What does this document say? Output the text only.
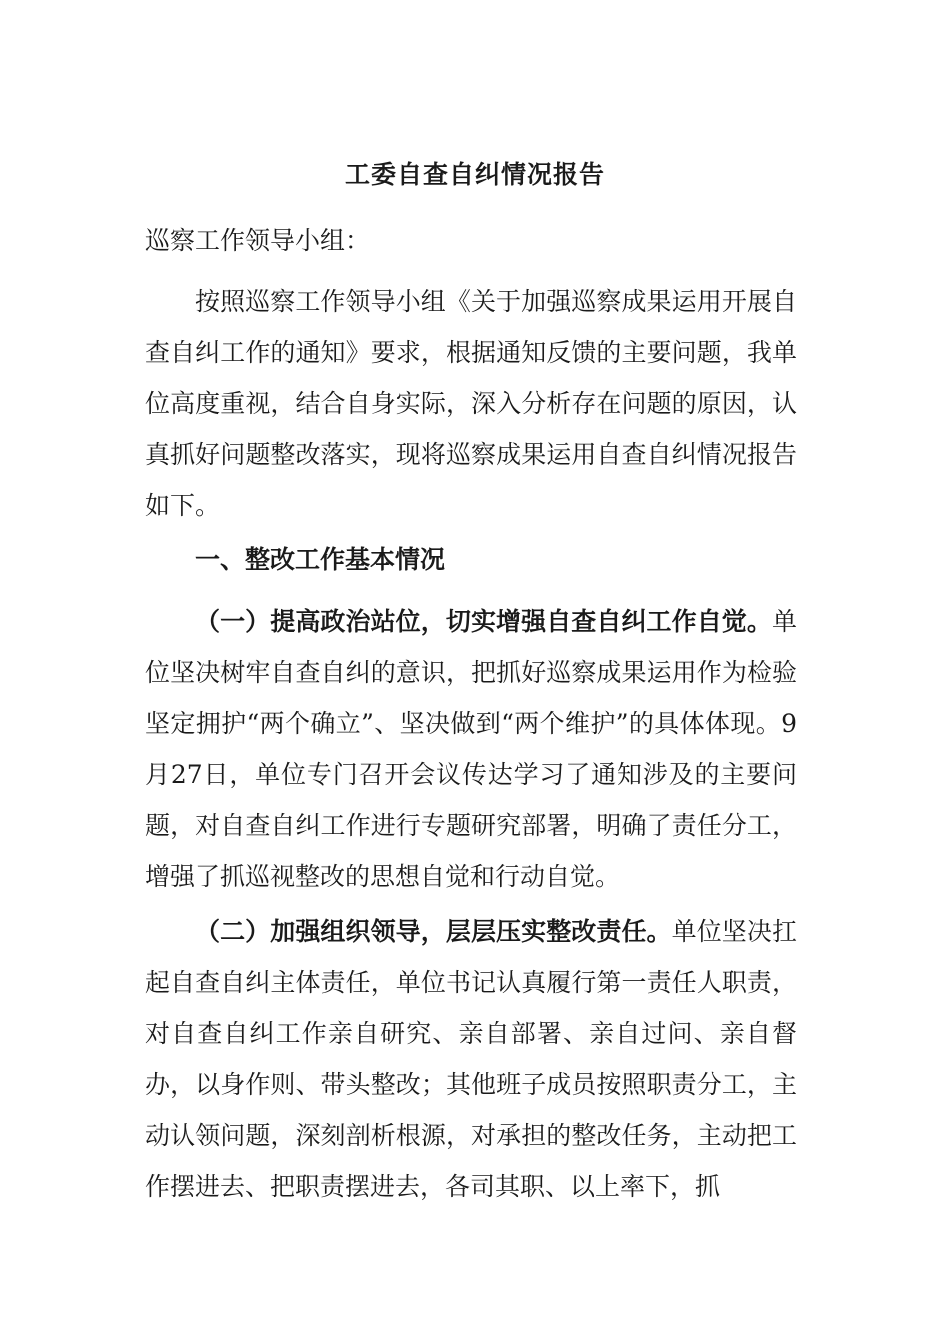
工委自查自纠情况报告
巡察工作领导小组：

按照巡察工作领导小组《关于加强巡察成果运用开展自查自纠工作的通知》要求，根据通知反馈的主要问题，我单位高度重视，结合自身实际，深入分析存在问题的原因，认真抓好问题整改落实，现将巡察成果运用自查自纠情况报告如下。

一、整改工作基本情况

（一）提高政治站位，切实增强自查自纠工作自觉。单位坚决树牢自查自纠的意识，把抓好巡察成果运用作为检验坚定拥护“两个确立”、坚决做到“两个维护”的具体体现。9月27日，单位专门召开会议传达学习了通知涉及的主要问题，对自查自纠工作进行专题研究部署，明确了责任分工，增强了抓巡视整改的思想自觉和行动自觉。

（二）加强组织领导，层层压实整改责任。单位坚决扛起自查自纠主体责任，单位书记认真履行第一责任人职责，对自查自纠工作亲自研究、亲自部署、亲自过问、亲自督办，以身作则、带头整改；其他班子成员按照职责分工，主动认领问题，深刻剖析根源，对承担的整改任务，主动把工作摆进去、把职责摆进去，各司其职、以上率下，抓
